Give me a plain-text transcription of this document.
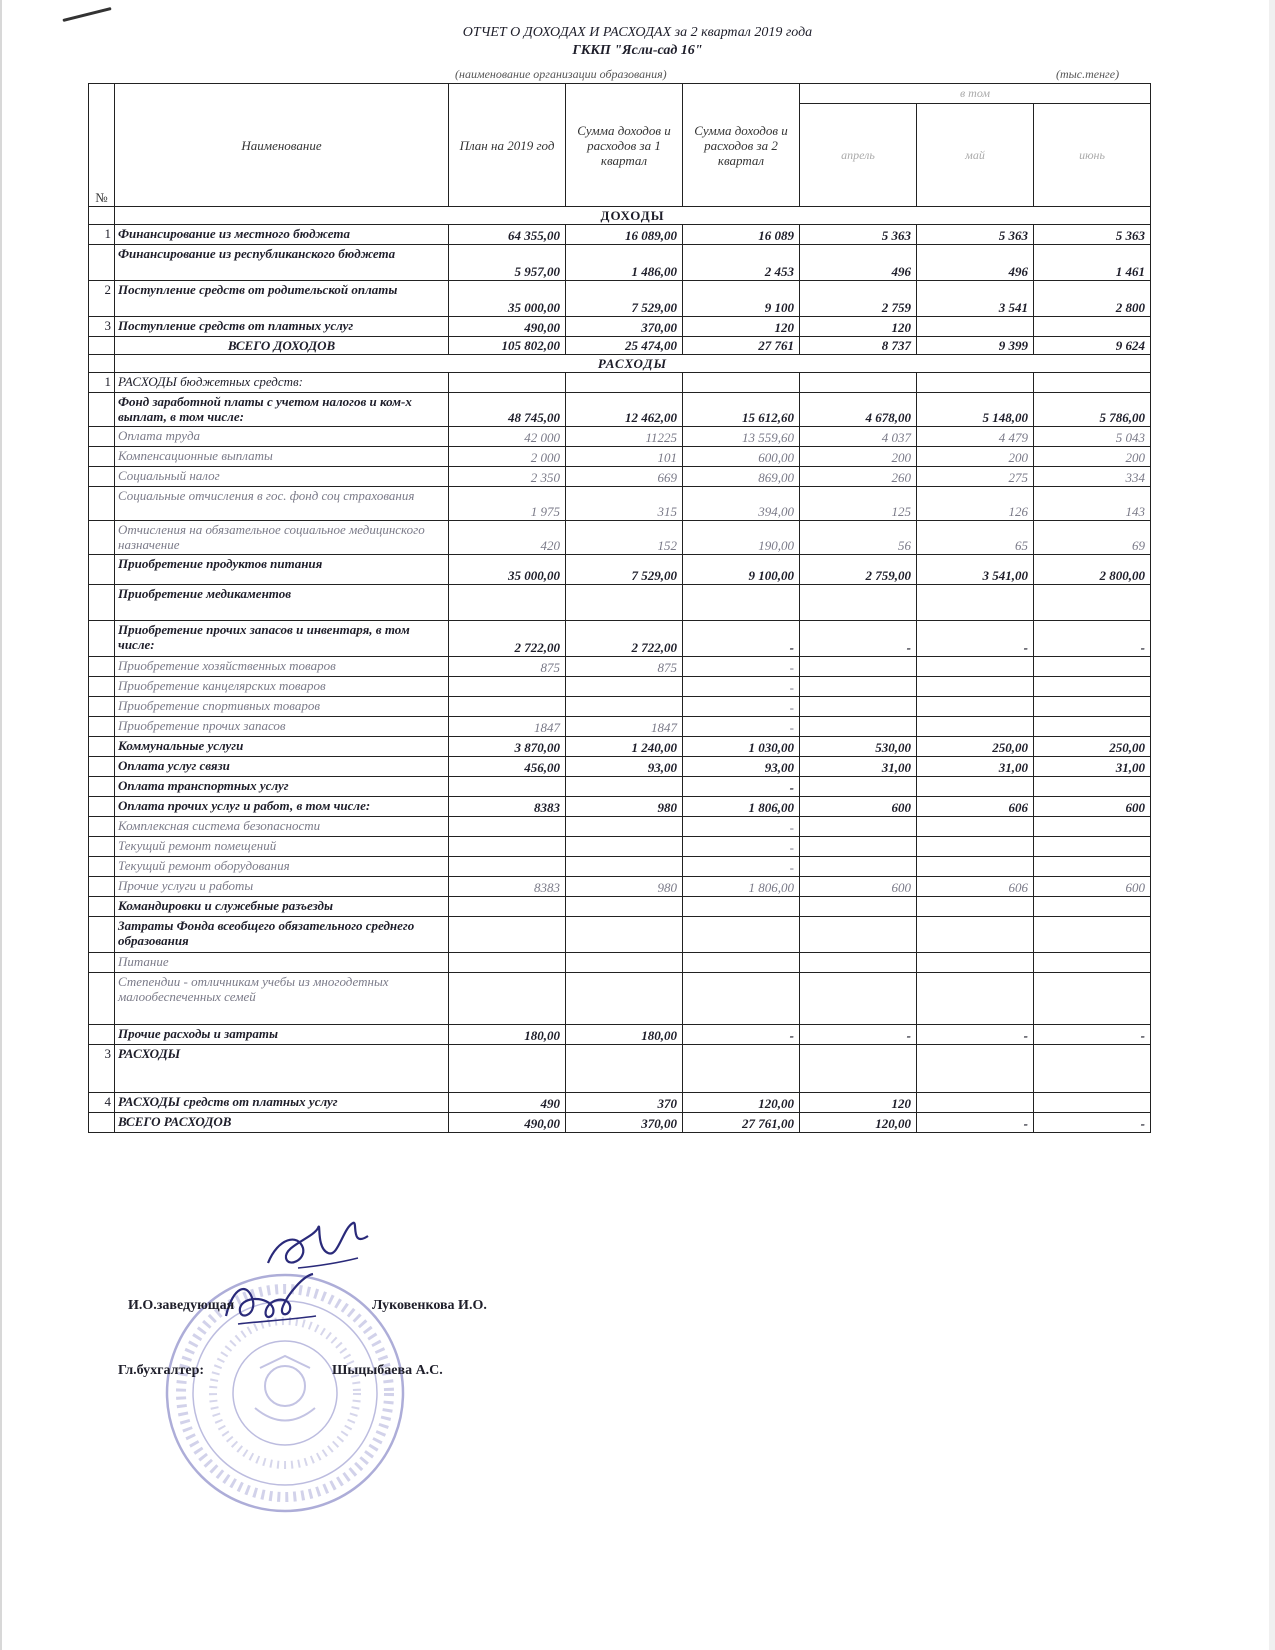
ОТЧЕТ О ДОХОДАХ И РАСХОДАХ за 2 квартал 2019 года
ГККП "Ясли-сад 16"
(наименование организации образования)	(тыс.тенге)
№	Наименование	План на 2019 год	Сумма доходов и расходов за 1 квартал	Сумма доходов и расходов за 2 квартал	в том		
					апрель	май	июнь
	ДОХОДЫ						
1	Финансирование из местного бюджета	64 355,00	16 089,00	16 089	5 363	5 363	5 363
	Финансирование из республиканского бюджета	5 957,00	1 486,00	2 453	496	496	1 461
2	Поступление средств от родительской оплаты	35 000,00	7 529,00	9 100	2 759	3 541	2 800
3	Поступление средств от платных услуг	490,00	370,00	120	120		
	ВСЕГО ДОХОДОВ	105 802,00	25 474,00	27 761	8 737	9 399	9 624
	РАСХОДЫ						
1	РАСХОДЫ бюджетных средств:						
	Фонд заработной платы с учетом налогов и ком-х выплат, в том числе:	48 745,00	12 462,00	15 612,60	4 678,00	5 148,00	5 786,00
	Оплата труда	42 000	11225	13 559,60	4 037	4 479	5 043
	Компенсационные выплаты	2 000	101	600,00	200	200	200
	Социальный налог	2 350	669	869,00	260	275	334
	Социальные отчисления в гос. фонд соц страхования	1 975	315	394,00	125	126	143
	Отчисления на обязательное социальное медицинского назначение	420	152	190,00	56	65	69
	Приобретение продуктов питания	35 000,00	7 529,00	9 100,00	2 759,00	3 541,00	2 800,00
	Приобретение медикаментов						
	Приобретение прочих запасов и инвентаря, в том числе:	2 722,00	2 722,00	-	-	-	-
	Приобретение хозяйственных товаров	875	875	-			
	Приобретение канцелярских товаров			-			
	Приобретение спортивных товаров			-			
	Приобретение прочих запасов	1847	1847	-			
	Коммунальные услуги	3 870,00	1 240,00	1 030,00	530,00	250,00	250,00
	Оплата услуг связи	456,00	93,00	93,00	31,00	31,00	31,00
	Оплата транспортных услуг			-			
	Оплата прочих услуг и работ, в том числе:	8383	980	1 806,00	600	606	600
	Комплексная система безопасности			-			
	Текущий ремонт помещений			-			
	Текущий ремонт оборудования			-			
	Прочие услуги и работы	8383	980	1 806,00	600	606	600
	Командировки и служебные разъезды						
	Затраты Фонда всеобщего обязательного среднего образования						
	Питание						
	Степендии - отличникам учебы из многодетных малообеспеченных семей						
	Прочие расходы и затраты	180,00	180,00	-	-	-	-
3	РАСХОДЫ						
4	РАСХОДЫ средств от платных услуг	490	370	120,00	120		
	ВСЕГО РАСХОДОВ	490,00	370,00	27 761,00	120,00	-	-
И.О.заведующая	Луковенкова И.О.
Гл.бухгалтер:	Шыцыбаева А.С.
